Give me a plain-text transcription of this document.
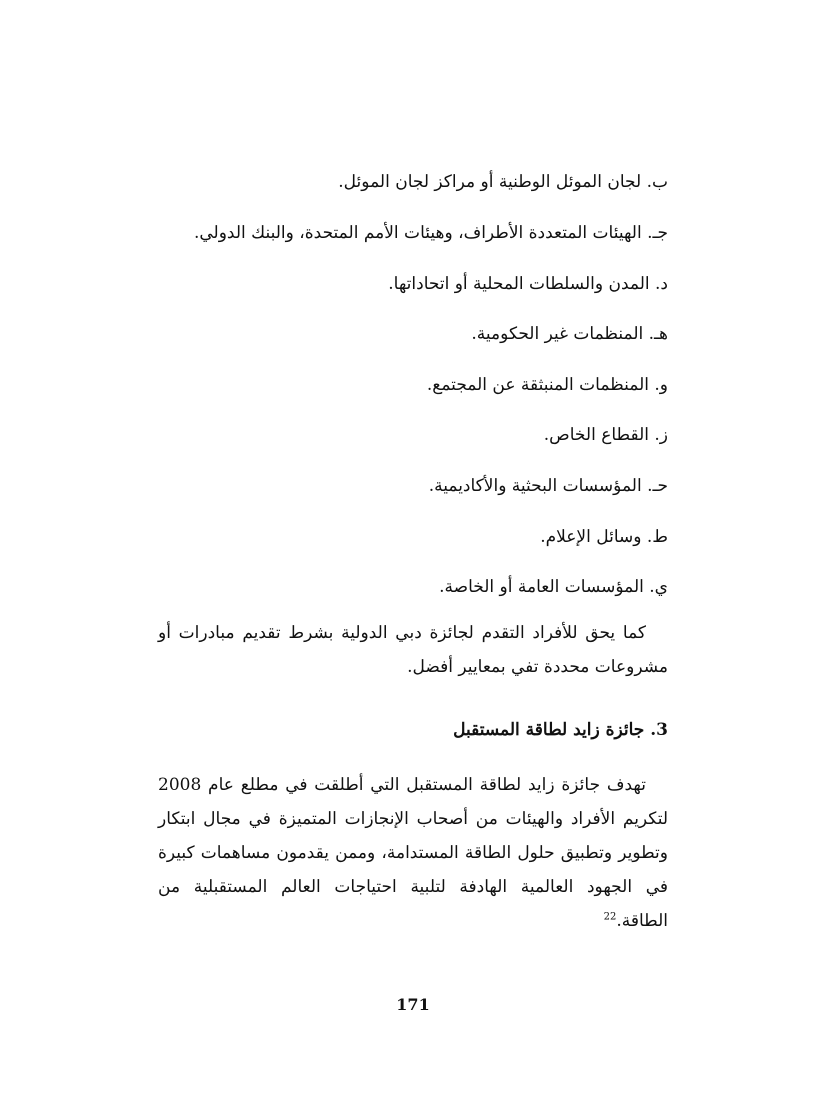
ب. لجان الموئل الوطنية أو مراكز لجان الموئل.
جـ. الهيئات المتعددة الأطراف، وهيئات الأمم المتحدة، والبنك الدولي.
د. المدن والسلطات المحلية أو اتحاداتها.
هـ. المنظمات غير الحكومية.
و. المنظمات المنبثقة عن المجتمع.
ز. القطاع الخاص.
حـ. المؤسسات البحثية والأكاديمية.
ط. وسائل الإعلام.
ي. المؤسسات العامة أو الخاصة.
كما يحق للأفراد التقدم لجائزة دبي الدولية بشرط تقديم مبادرات أو مشروعات محددة تفي بمعايير أفضل.
3. جائزة زايد لطاقة المستقبل
تهدف جائزة زايد لطاقة المستقبل التي أطلقت في مطلع عام 2008 لتكريم الأفراد والهيئات من أصحاب الإنجازات المتميزة في مجال ابتكار وتطوير وتطبيق حلول الطاقة المستدامة، وممن يقدمون مساهمات كبيرة في الجهود العالمية الهادفة لتلبية احتياجات العالم المستقبلية من الطاقة.$^{22}$
171
